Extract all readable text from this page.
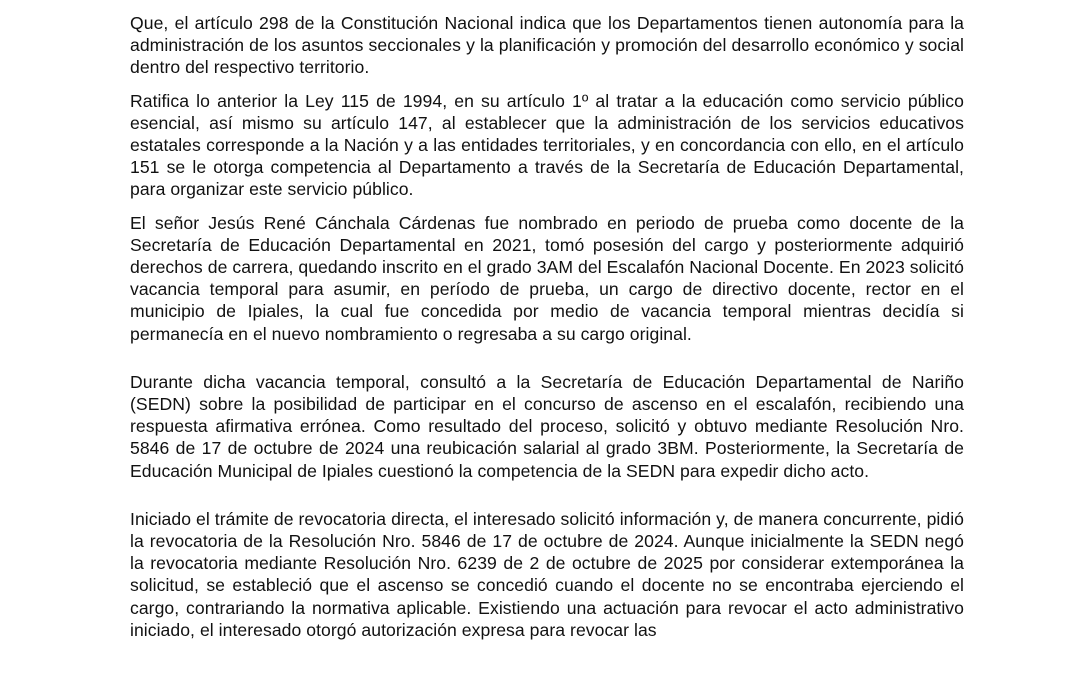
Que, el artículo 298 de la Constitución Nacional indica que los Departamentos tienen autonomía para la administración de los asuntos seccionales y la planificación y promoción del desarrollo económico y social dentro del respectivo territorio.

Ratifica lo anterior la Ley 115 de 1994, en su artículo 1º al tratar a la educación como servicio público esencial, así mismo su artículo 147, al establecer que la administración de los servicios educativos estatales corresponde a la Nación y a las entidades territoriales, y en concordancia con ello, en el artículo 151 se le otorga competencia al Departamento a través de la Secretaría de Educación Departamental, para organizar este servicio público.

El señor Jesús René Cánchala Cárdenas fue nombrado en periodo de prueba como docente de la Secretaría de Educación Departamental en 2021, tomó posesión del cargo y posteriormente adquirió derechos de carrera, quedando inscrito en el grado 3AM del Escalafón Nacional Docente. En 2023 solicitó vacancia temporal para asumir, en período de prueba, un cargo de directivo docente, rector en el municipio de Ipiales, la cual fue concedida por medio de vacancia temporal mientras decidía si permanecía en el nuevo nombramiento o regresaba a su cargo original.

Durante dicha vacancia temporal, consultó a la Secretaría de Educación Departamental de Nariño (SEDN) sobre la posibilidad de participar en el concurso de ascenso en el escalafón, recibiendo una respuesta afirmativa errónea. Como resultado del proceso, solicitó y obtuvo mediante Resolución Nro. 5846 de 17 de octubre de 2024 una reubicación salarial al grado 3BM. Posteriormente, la Secretaría de Educación Municipal de Ipiales cuestionó la competencia de la SEDN para expedir dicho acto.

Iniciado el trámite de revocatoria directa, el interesado solicitó información y, de manera concurrente, pidió la revocatoria de la Resolución Nro. 5846 de 17 de octubre de 2024. Aunque inicialmente la SEDN negó la revocatoria mediante Resolución Nro. 6239 de 2 de octubre de 2025 por considerar extemporánea la solicitud, se estableció que el ascenso se concedió cuando el docente no se encontraba ejerciendo el cargo, contrariando la normativa aplicable. Existiendo una actuación para revocar el acto administrativo iniciado, el interesado otorgó autorización expresa para revocar las
